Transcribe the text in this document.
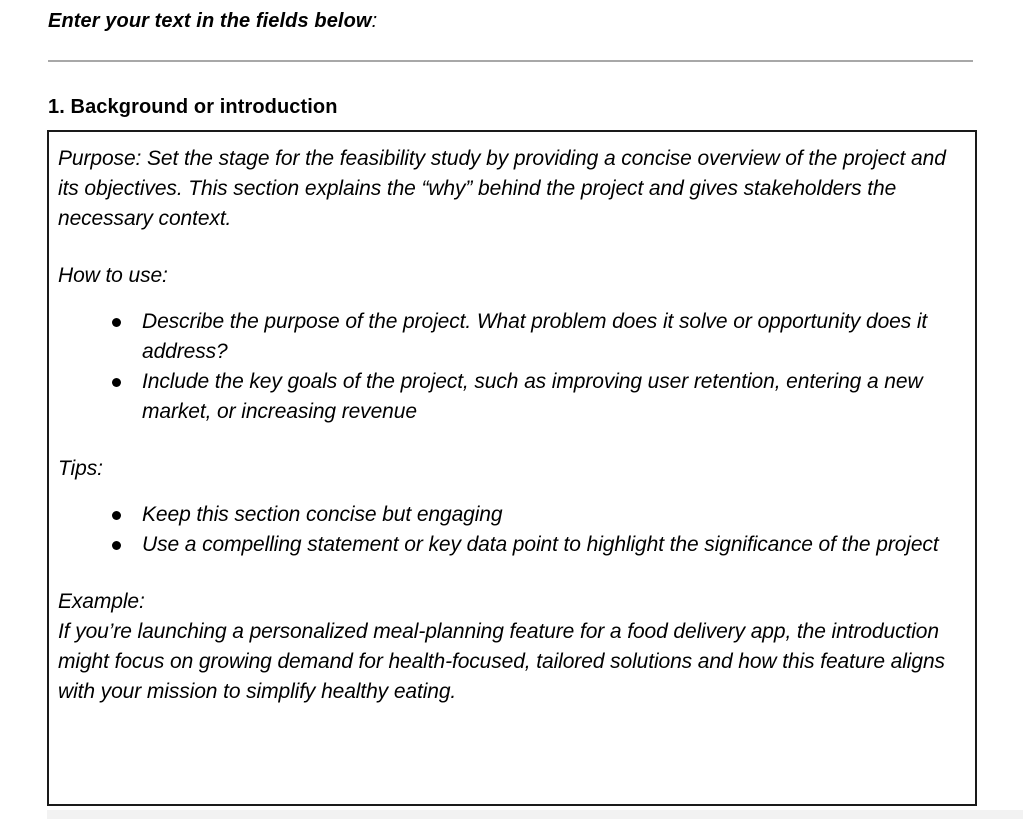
Enter your text in the fields below:
1. Background or introduction

Purpose: Set the stage for the feasibility study by providing a concise overview of the project and its objectives. This section explains the “why” behind the project and gives stakeholders the necessary context.

How to use:

Describe the purpose of the project. What problem does it solve or opportunity does it address?
Include the key goals of the project, such as improving user retention, entering a new market, or increasing revenue

Tips:

Keep this section concise but engaging
Use a compelling statement or key data point to highlight the significance of the project

Example:

If you’re launching a personalized meal-planning feature for a food delivery app, the introduction might focus on growing demand for health-focused, tailored solutions and how this feature aligns with your mission to simplify healthy eating.
